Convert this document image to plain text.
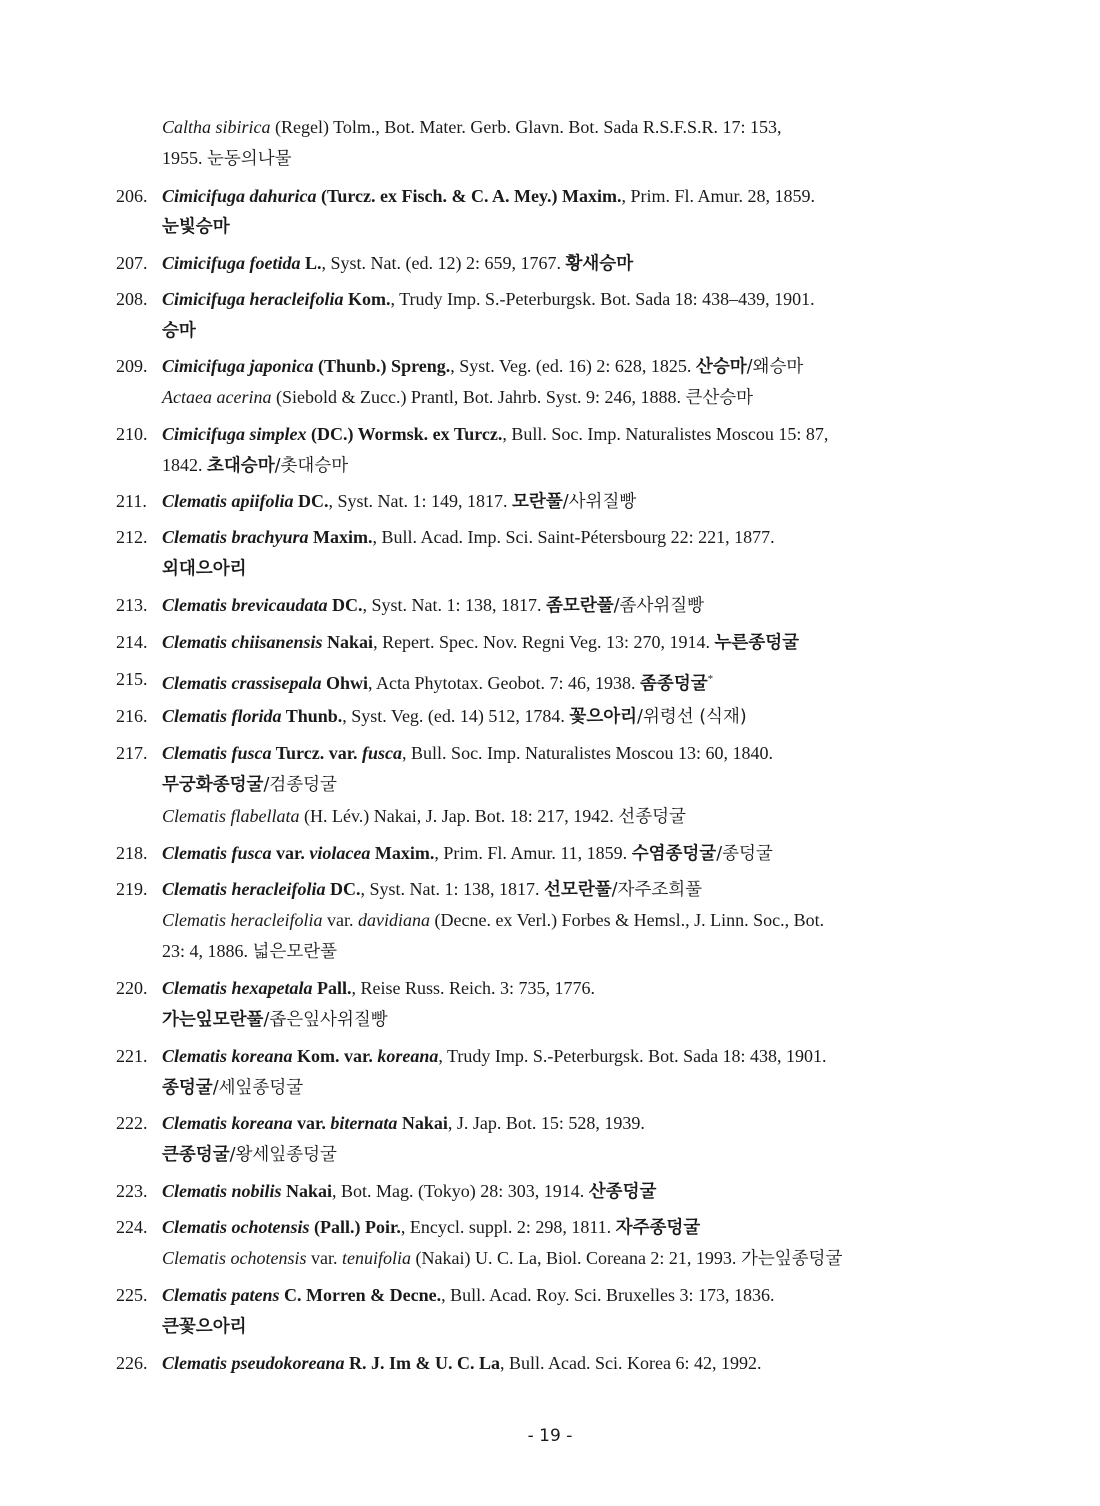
Caltha sibirica (Regel) Tolm., Bot. Mater. Gerb. Glavn. Bot. Sada R.S.F.S.R. 17: 153,
1955. 눈동의나물
206. Cimicifuga dahurica (Turcz. ex Fisch. & C. A. Mey.) Maxim., Prim. Fl. Amur. 28, 1859.
눈빛승마
207. Cimicifuga foetida L., Syst. Nat. (ed. 12) 2: 659, 1767. 황새승마
208. Cimicifuga heracleifolia Kom., Trudy Imp. S.-Peterburgsk. Bot. Sada 18: 438–439, 1901.
승마
209. Cimicifuga japonica (Thunb.) Spreng., Syst. Veg. (ed. 16) 2: 628, 1825. 산승마/왜승마
Actaea acerina (Siebold & Zucc.) Prantl, Bot. Jahrb. Syst. 9: 246, 1888. 큰산승마
210. Cimicifuga simplex (DC.) Wormsk. ex Turcz., Bull. Soc. Imp. Naturalistes Moscou 15: 87,
1842. 초대승마/촛대승마
211. Clematis apiifolia DC., Syst. Nat. 1: 149, 1817. 모란풀/사위질빵
212. Clematis brachyura Maxim., Bull. Acad. Imp. Sci. Saint-Pétersbourg 22: 221, 1877.
외대으아리
213. Clematis brevicaudata DC., Syst. Nat. 1: 138, 1817. 좀모란풀/좀사위질빵
214. Clematis chiisanensis Nakai, Repert. Spec. Nov. Regni Veg. 13: 270, 1914. 누른종덩굴
215. Clematis crassisepala Ohwi, Acta Phytotax. Geobot. 7: 46, 1938. 좀종덩굴*
216. Clematis florida Thunb., Syst. Veg. (ed. 14) 512, 1784. 꽃으아리/위령선 (식재)
217. Clematis fusca Turcz. var. fusca, Bull. Soc. Imp. Naturalistes Moscou 13: 60, 1840.
무궁화종덩굴/검종덩굴
Clematis flabellata (H. Lév.) Nakai, J. Jap. Bot. 18: 217, 1942. 선종덩굴
218. Clematis fusca var. violacea Maxim., Prim. Fl. Amur. 11, 1859. 수염종덩굴/종덩굴
219. Clematis heracleifolia DC., Syst. Nat. 1: 138, 1817. 선모란풀/자주조희풀
Clematis heracleifolia var. davidiana (Decne. ex Verl.) Forbes & Hemsl., J. Linn. Soc., Bot.
23: 4, 1886. 넓은모란풀
220. Clematis hexapetala Pall., Reise Russ. Reich. 3: 735, 1776.
가는잎모란풀/좁은잎사위질빵
221. Clematis koreana Kom. var. koreana, Trudy Imp. S.-Peterburgsk. Bot. Sada 18: 438, 1901.
종덩굴/세잎종덩굴
222. Clematis koreana var. biternata Nakai, J. Jap. Bot. 15: 528, 1939.
큰종덩굴/왕세잎종덩굴
223. Clematis nobilis Nakai, Bot. Mag. (Tokyo) 28: 303, 1914. 산종덩굴
224. Clematis ochotensis (Pall.) Poir., Encycl. suppl. 2: 298, 1811. 자주종덩굴
Clematis ochotensis var. tenuifolia (Nakai) U. C. La, Biol. Coreana 2: 21, 1993. 가는잎종덩굴
225. Clematis patens C. Morren & Decne., Bull. Acad. Roy. Sci. Bruxelles 3: 173, 1836.
큰꽃으아리
226. Clematis pseudokoreana R. J. Im & U. C. La, Bull. Acad. Sci. Korea 6: 42, 1992.
- 19 -
